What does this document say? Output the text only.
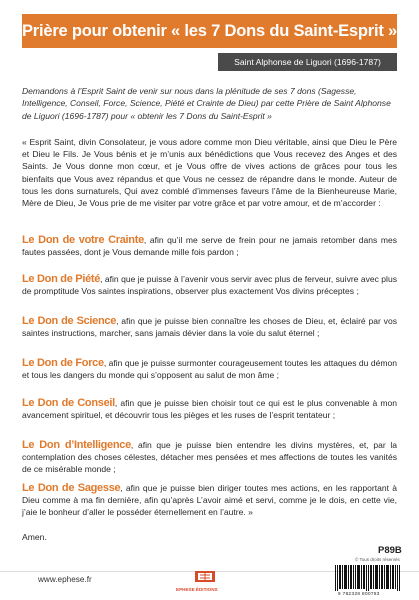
Prière pour obtenir « les 7 Dons du Saint-Esprit »
Saint Alphonse de Liguori (1696-1787)

Demandons à l’Esprit Saint de venir sur nous dans la plénitude de ses 7 dons (Sagesse, Intelligence, Conseil, Force, Science, Piété et Crainte de Dieu) par cette Prière de Saint Alphonse de Liguori (1696-1787) pour « obtenir les 7 Dons du Saint-Esprit »

« Esprit Saint, divin Consolateur, je vous adore comme mon Dieu véritable, ainsi que Dieu le Père et Dieu le Fils. Je Vous bénis et je m’unis aux bénédictions que Vous recevez des Anges et des Saints. Je Vous donne mon cœur, et je Vous offre de vives actions de grâces pour tous les bienfaits que Vous avez répandus et que Vous ne cessez de répandre dans le monde. Auteur de tous les dons surnaturels, Qui avez comblé d’immenses faveurs l’âme de la Bienheureuse Marie, Mère de Dieu, Je Vous prie de me visiter par votre grâce et par votre amour, et de m’accorder :

Le Don de votre Crainte, afin qu’il me serve de frein pour ne jamais retomber dans mes fautes passées, dont je Vous demande mille fois pardon ;

Le Don de Piété, afin que je puisse à l’avenir vous servir avec plus de ferveur, suivre avec plus de promptitude Vos saintes inspirations, observer plus exactement Vos divins préceptes ;

Le Don de Science, afin que je puisse bien connaître les choses de Dieu, et, éclairé par vos saintes instructions, marcher, sans jamais dévier dans la voie du salut éternel ;

Le Don de Force, afin que je puisse surmonter courageusement toutes les attaques du démon et tous les dangers du monde qui s’opposent au salut de mon âme ;

Le Don de Conseil, afin que je puisse bien choisir tout ce qui est le plus convenable à mon avancement spirituel, et découvrir tous les pièges et les ruses de l’esprit tentateur ;

Le Don d’Intelligence, afin que je puisse bien entendre les divins mystères, et, par la contemplation des choses célestes, détacher mes pensées et mes affections de toutes les vanités de ce misérable monde ;

Le Don de Sagesse, afin que je puisse bien diriger toutes mes actions, en les rapportant à Dieu comme à ma fin dernière, afin qu’après L’avoir aimé et servi, comme je le dois, en cette vie, j’aie le bonheur d’aller le posséder éternellement en l’autre. »

Amen.
P89B
© Tous droits réservés
www.ephese.fr
EPHESE ÉDITIONS
9 782328 800783
